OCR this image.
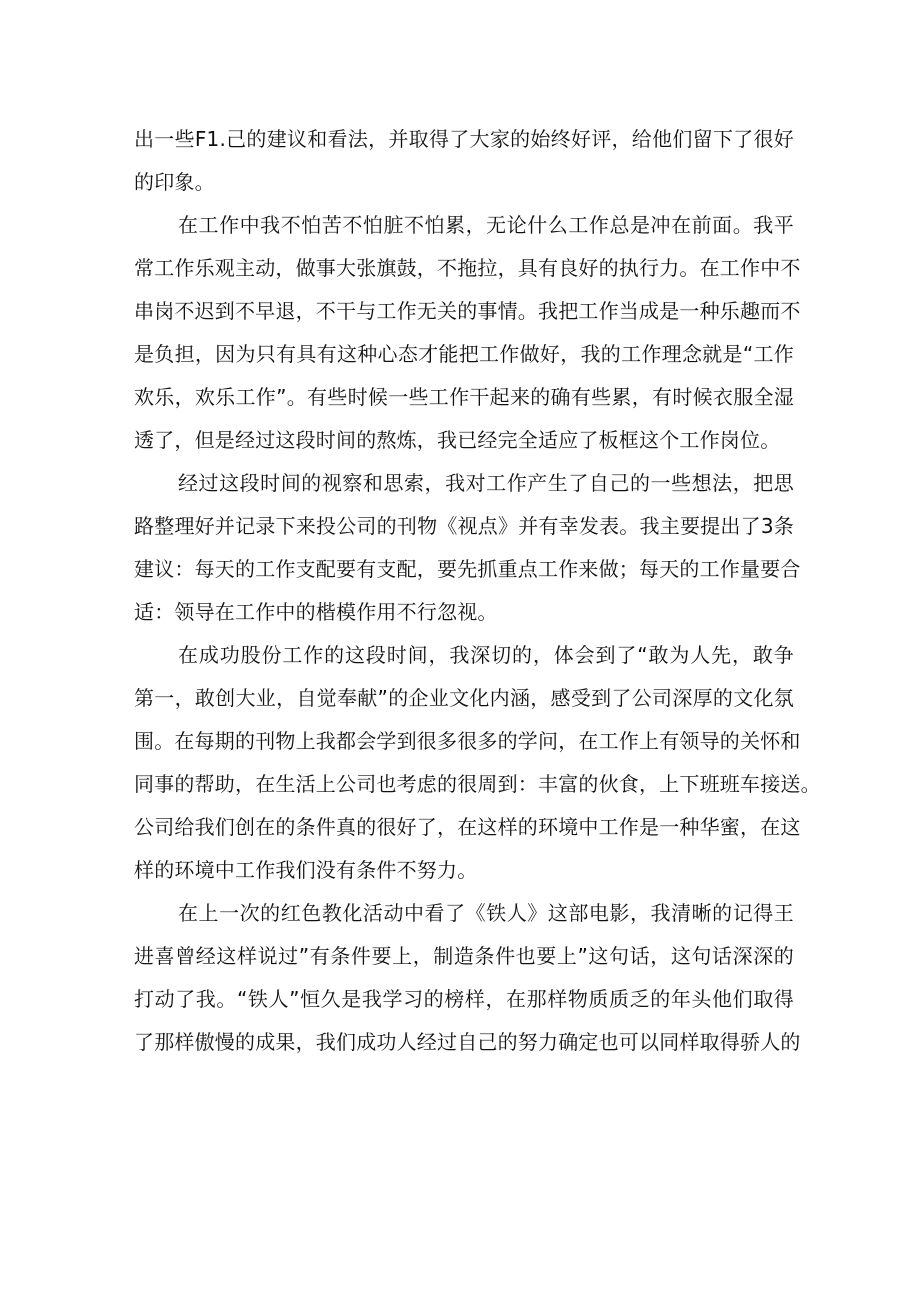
出一些F1.己的建议和看法，并取得了大家的始终好评，给他们留下了很好
的印象。
在工作中我不怕苦不怕脏不怕累，无论什么工作总是冲在前面。我平
常工作乐观主动，做事大张旗鼓，不拖拉，具有良好的执行力。在工作中不
串岗不迟到不早退，不干与工作无关的事情。我把工作当成是一种乐趣而不
是负担，因为只有具有这种心态才能把工作做好，我的工作理念就是“工作
欢乐，欢乐工作”。有些时候一些工作干起来的确有些累，有时候衣服全湿
透了，但是经过这段时间的熬炼，我已经完全适应了板框这个工作岗位。
经过这段时间的视察和思索，我对工作产生了自己的一些想法，把思
路整理好并记录下来投公司的刊物《视点》并有幸发表。我主要提出了3条
建议：每天的工作支配要有支配，要先抓重点工作来做；每天的工作量要合
适：领导在工作中的楷模作用不行忽视。
在成功股份工作的这段时间，我深切的，体会到了“敢为人先，敢争
第一，敢创大业，自觉奉献”的企业文化内涵，感受到了公司深厚的文化氛
围。在每期的刊物上我都会学到很多很多的学问，在工作上有领导的关怀和
同事的帮助，在生活上公司也考虑的很周到：丰富的伙食，上下班班车接送。
公司给我们创在的条件真的很好了，在这样的环境中工作是一种华蜜，在这
样的环境中工作我们没有条件不努力。
在上一次的红色教化活动中看了《铁人》这部电影，我清晰的记得王
进喜曾经这样说过”有条件要上，制造条件也要上”这句话，这句话深深的
打动了我。“铁人”恒久是我学习的榜样，在那样物质质乏的年头他们取得
了那样傲慢的成果，我们成功人经过自己的努力确定也可以同样取得骄人的
